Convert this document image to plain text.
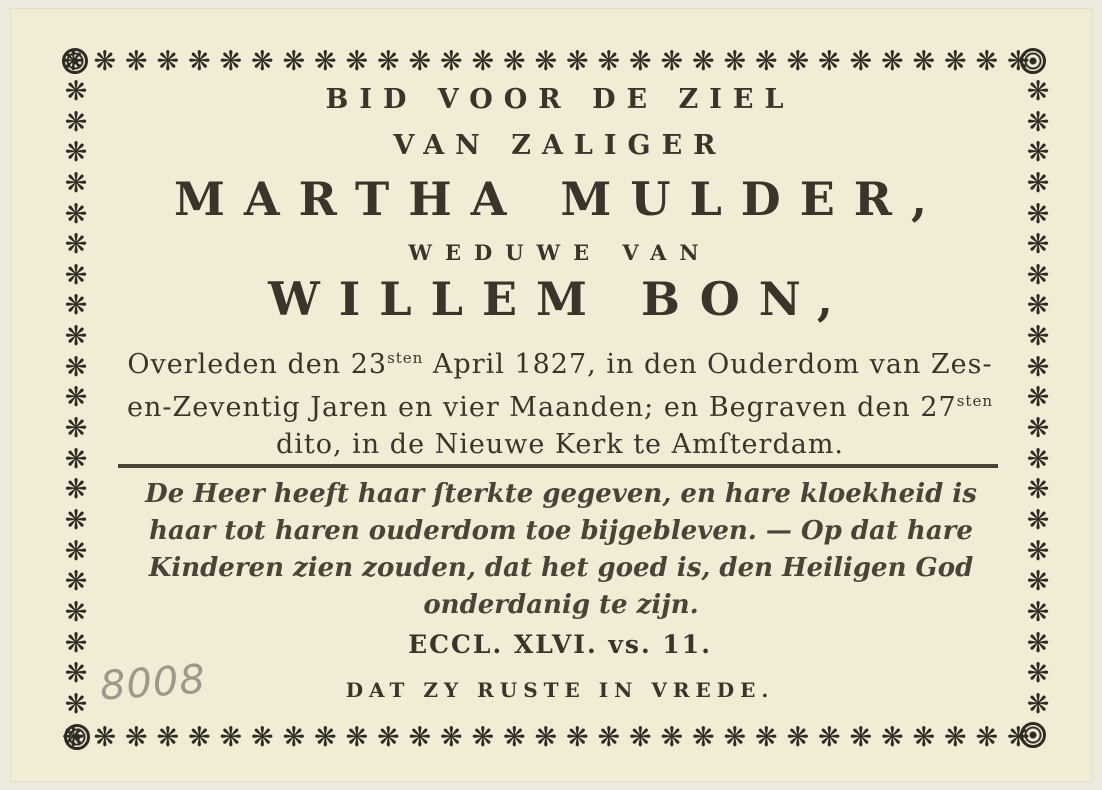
❋ ❋ ❋ ❋ ❋ ❋ ❋ ❋ ❋ ❋ ❋ ❋ ❋ ❋ ❋ ❋ ❋ ❋ ❋ ❋ ❋ ❋ ❋ ❋ ❋ ❋ ❋ ❋ ❋ ❋ ❋
❋ ❋ ❋ ❋ ❋ ❋ ❋ ❋ ❋ ❋ ❋ ❋ ❋ ❋ ❋ ❋ ❋ ❋ ❋ ❋ ❋ ❋ ❋ ❋ ❋ ❋ ❋ ❋ ❋ ❋ ❋
❋
❋
❋
❋
❋
❋
❋
❋
❋
❋
❋
❋
❋
❋
❋
❋
❋
❋
❋
❋
❋
❋
❋
❋
❋
❋
❋
❋
❋
❋
❋
❋
❋
❋
❋
❋
❋
❋
❋
❋
❋
❋
BID VOOR DE ZIEL
VAN ZALIGER
MARTHA MULDER,
WEDUWE VAN
WILLEM BON,
Overleden den $23^{sten}$ April 1827, in den Ouderdom van Zes-en-Zeventig Jaren en vier Maanden; en Begraven den $27^{sten}$ dito, in de Nieuwe Kerk te Amſterdam.
De Heer heeft haar ſterkte gegeven, en hare kloekheid is haar tot haren ouderdom toe bijgebleven. — Op dat hare Kinderen zien zouden, dat het goed is, den Heiligen God onderdanig te zijn.
ECCL. XLVI. vs. 11.
DAT ZY RUSTE IN VREDE.
8008
